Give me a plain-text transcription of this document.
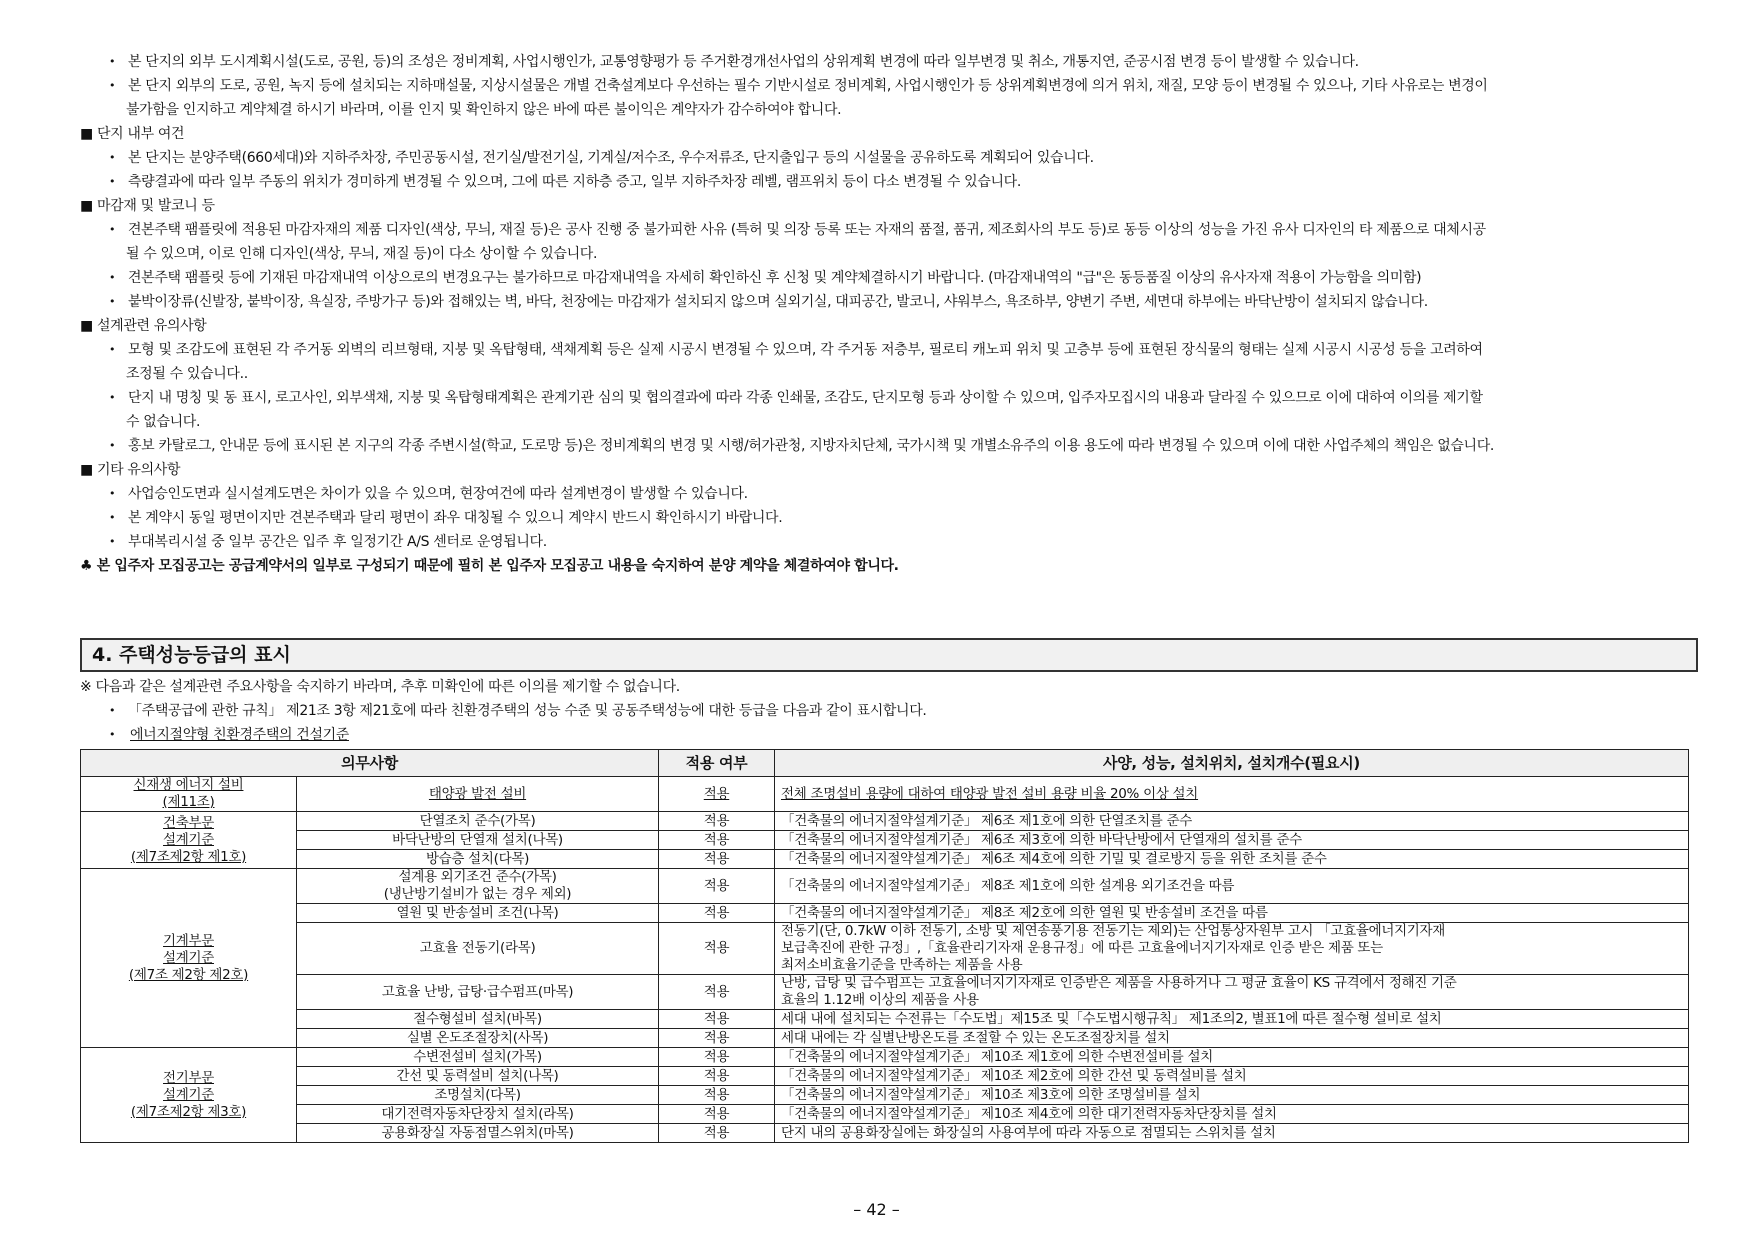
• 본 단지의 외부 도시계획시설(도로, 공원, 등)의 조성은 정비계획, 사업시행인가, 교통영향평가 등 주거환경개선사업의 상위계획 변경에 따라 일부변경 및 취소, 개통지연, 준공시점 변경 등이 발생할 수 있습니다.
• 본 단지 외부의 도로, 공원, 녹지 등에 설치되는 지하매설물, 지상시설물은 개별 건축설계보다 우선하는 필수 기반시설로 정비계획, 사업시행인가 등 상위계획변경에 의거 위치, 재질, 모양 등이 변경될 수 있으나, 기타 사유로는 변경이
불가함을 인지하고 계약체결 하시기 바라며, 이를 인지 및 확인하지 않은 바에 따른 불이익은 계약자가 감수하여야 합니다.
■ 단지 내부 여건
• 본 단지는 분양주택(660세대)와 지하주차장, 주민공동시설, 전기실/발전기실, 기계실/저수조, 우수저류조, 단지출입구 등의 시설물을 공유하도록 계획되어 있습니다.
• 측량결과에 따라 일부 주동의 위치가 경미하게 변경될 수 있으며, 그에 따른 지하층 증고, 일부 지하주차장 레벨, 램프위치 등이 다소 변경될 수 있습니다.
■ 마감재 및 발코니 등
• 견본주택 팸플릿에 적용된 마감자재의 제품 디자인(색상, 무늬, 재질 등)은 공사 진행 중 불가피한 사유 (특허 및 의장 등록 또는 자재의 품절, 품귀, 제조회사의 부도 등)로 동등 이상의 성능을 가진 유사 디자인의 타 제품으로 대체시공
될 수 있으며, 이로 인해 디자인(색상, 무늬, 재질 등)이 다소 상이할 수 있습니다.
• 견본주택 팸플릿 등에 기재된 마감재내역 이상으로의 변경요구는 불가하므로 마감재내역을 자세히 확인하신 후 신청 및 계약체결하시기 바랍니다. (마감재내역의 "급"은 동등품질 이상의 유사자재 적용이 가능함을 의미함)
• 붙박이장류(신발장, 붙박이장, 욕실장, 주방가구 등)와 접해있는 벽, 바닥, 천장에는 마감재가 설치되지 않으며 실외기실, 대피공간, 발코니, 샤워부스, 욕조하부, 양변기 주변, 세면대 하부에는 바닥난방이 설치되지 않습니다.
■ 설계관련 유의사항
• 모형 및 조감도에 표현된 각 주거동 외벽의 리브형태, 지붕 및 옥탑형태, 색채계획 등은 실제 시공시 변경될 수 있으며, 각 주거동 저층부, 필로티 캐노피 위치 및 고층부 등에 표현된 장식물의 형태는 실제 시공시 시공성 등을 고려하여
조정될 수 있습니다..
• 단지 내 명칭 및 동 표시, 로고사인, 외부색채, 지붕 및 옥탑형태계획은 관계기관 심의 및 협의결과에 따라 각종 인쇄물, 조감도, 단지모형 등과 상이할 수 있으며, 입주자모집시의 내용과 달라질 수 있으므로 이에 대하여 이의를 제기할
수 없습니다.
• 홍보 카탈로그, 안내문 등에 표시된 본 지구의 각종 주변시설(학교, 도로망 등)은 정비계획의 변경 및 시행/허가관청, 지방자치단체, 국가시책 및 개별소유주의 이용 용도에 따라 변경될 수 있으며 이에 대한 사업주체의 책임은 없습니다.
■ 기타 유의사항
• 사업승인도면과 실시설계도면은 차이가 있을 수 있으며, 현장여건에 따라 설계변경이 발생할 수 있습니다.
• 본 계약시 동일 평면이지만 견본주택과 달리 평면이 좌우 대칭될 수 있으니 계약시 반드시 확인하시기 바랍니다.
• 부대복리시설 중 일부 공간은 입주 후 일정기간 A/S 센터로 운영됩니다.
♣ 본 입주자 모집공고는 공급계약서의 일부로 구성되기 때문에 필히 본 입주자 모집공고 내용을 숙지하여 분양 계약을 체결하여야 합니다.
4. 주택성능등급의 표시
※ 다음과 같은 설계관련 주요사항을 숙지하기 바라며, 추후 미확인에 따른 이의를 제기할 수 없습니다.
• 「주택공급에 관한 규칙」 제21조 3항 제21호에 따라 친환경주택의 성능 수준 및 공동주택성능에 대한 등급을 다음과 같이 표시합니다.
• 에너지절약형 친환경주택의 건설기준
의무사항		적용 여부	사양, 성능, 설치위치, 설치개수(필요시)
신재생 에너지 설비
(제11조)	태양광 발전 설비	적용	전체 조명설비 용량에 대하여 태양광 발전 설비 용량 비율 20% 이상 설치
건축부문
설계기준
(제7조제2항 제1호)	단열조치 준수(가목)	적용	「건축물의 에너지절약설계기준」 제6조 제1호에 의한 단열조치를 준수
	바닥난방의 단열재 설치(나목)	적용	「건축물의 에너지절약설계기준」 제6조 제3호에 의한 바닥난방에서 단열재의 설치를 준수
	방습층 설치(다목)	적용	「건축물의 에너지절약설계기준」 제6조 제4호에 의한 기밀 및 결로방지 등을 위한 조치를 준수
기계부문
설계기준
(제7조 제2항 제2호)	설계용 외기조건 준수(가목)
(냉난방기설비가 없는 경우 제외)	적용	「건축물의 에너지절약설계기준」 제8조 제1호에 의한 설계용 외기조건을 따름
	열원 및 반송설비 조건(나목)	적용	「건축물의 에너지절약설계기준」 제8조 제2호에 의한 열원 및 반송설비 조건을 따름
	고효율 전동기(라목)	적용	전동기(단, 0.7kW 이하 전동기, 소방 및 제연송풍기용 전동기는 제외)는 산업통상자원부 고시 「고효율에너지기자재
보급촉진에 관한 규정」,「효율관리기자재 운용규정」에 따른 고효율에너지기자재로 인증 받은 제품 또는
최저소비효율기준을 만족하는 제품을 사용
	고효율 난방, 급탕·급수펌프(마목)	적용	난방, 급탕 및 급수펌프는 고효율에너지기자재로 인증받은 제품을 사용하거나 그 평균 효율이 KS 규격에서 정해진 기준
효율의 1.12배 이상의 제품을 사용
	절수형설비 설치(바목)	적용	세대 내에 설치되는 수전류는「수도법」제15조 및「수도법시행규칙」 제1조의2, 별표1에 따른 절수형 설비로 설치
	실별 온도조절장치(사목)	적용	세대 내에는 각 실별난방온도를 조절할 수 있는 온도조절장치를 설치
전기부문
설계기준
(제7조제2항 제3호)	수변전설비 설치(가목)	적용	「건축물의 에너지절약설계기준」 제10조 제1호에 의한 수변전설비를 설치
	간선 및 동력설비 설치(나목)	적용	「건축물의 에너지절약설계기준」 제10조 제2호에 의한 간선 및 동력설비를 설치
	조명설치(다목)	적용	「건축물의 에너지절약설계기준」 제10조 제3호에 의한 조명설비를 설치
	대기전력자동차단장치 설치(라목)	적용	「건축물의 에너지절약설계기준」 제10조 제4호에 의한 대기전력자동차단장치를 설치
	공용화장실 자동점멸스위치(마목)	적용	단지 내의 공용화장실에는 화장실의 사용여부에 따라 자동으로 점멸되는 스위치를 설치
– 42 –
